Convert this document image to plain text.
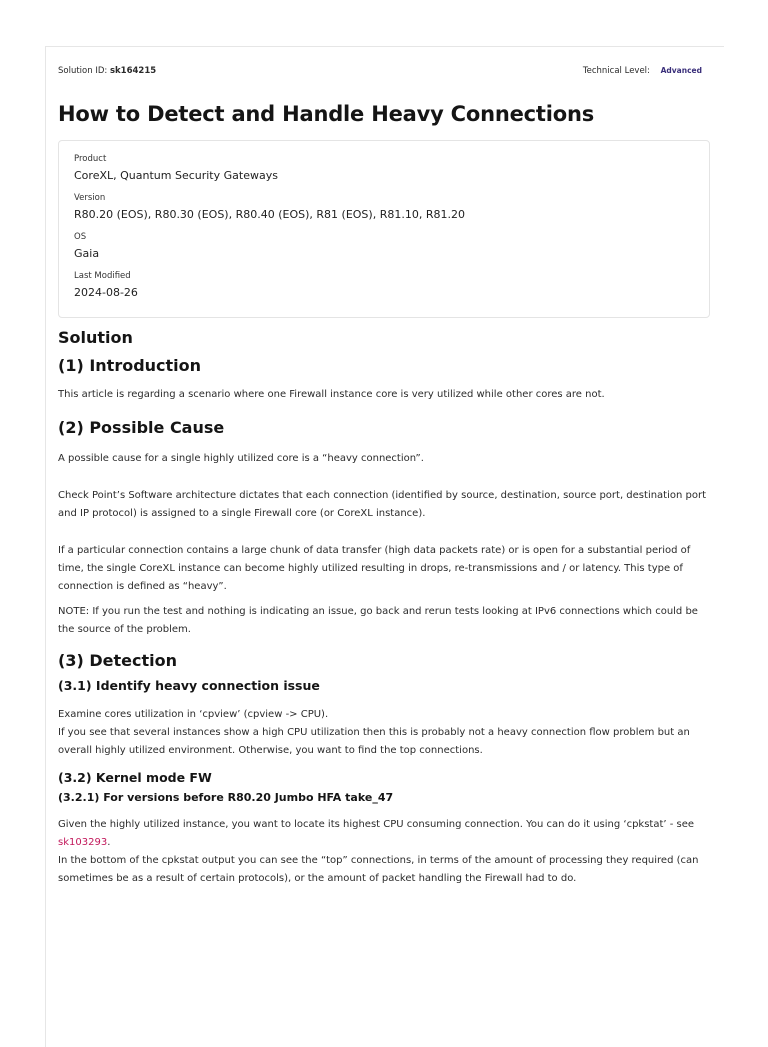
Solution ID: sk164215	Technical Level: Advanced
How to Detect and Handle Heavy Connections
Product
CoreXL, Quantum Security Gateways
Version
R80.20 (EOS), R80.30 (EOS), R80.40 (EOS), R81 (EOS), R81.10, R81.20
OS
Gaia
Last Modified
2024-08-26
Solution
(1) Introduction

This article is regarding a scenario where one Firewall instance core is very utilized while other cores are not.

(2) Possible Cause

A possible cause for a single highly utilized core is a “heavy connection”.

Check Point’s Software architecture dictates that each connection (identified by source, destination, source port, destination port and IP protocol) is assigned to a single Firewall core (or CoreXL instance).

If a particular connection contains a large chunk of data transfer (high data packets rate) or is open for a substantial period of time, the single CoreXL instance can become highly utilized resulting in drops, re-transmissions and / or latency. This type of connection is defined as “heavy”.

NOTE: If you run the test and nothing is indicating an issue, go back and rerun tests looking at IPv6 connections which could be the source of the problem.

(3) Detection
(3.1) Identify heavy connection issue

Examine cores utilization in ‘cpview’ (cpview -> CPU).

If you see that several instances show a high CPU utilization then this is probably not a heavy connection flow problem but an overall highly utilized environment. Otherwise, you want to find the top connections.

(3.2) Kernel mode FW
(3.2.1) For versions before R80.20 Jumbo HFA take_47

Given the highly utilized instance, you want to locate its highest CPU consuming connection. You can do it using ‘cpkstat’ - see sk103293.

In the bottom of the cpkstat output you can see the “top” connections, in terms of the amount of processing they required (can sometimes be as a result of certain protocols), or the amount of packet handling the Firewall had to do.
